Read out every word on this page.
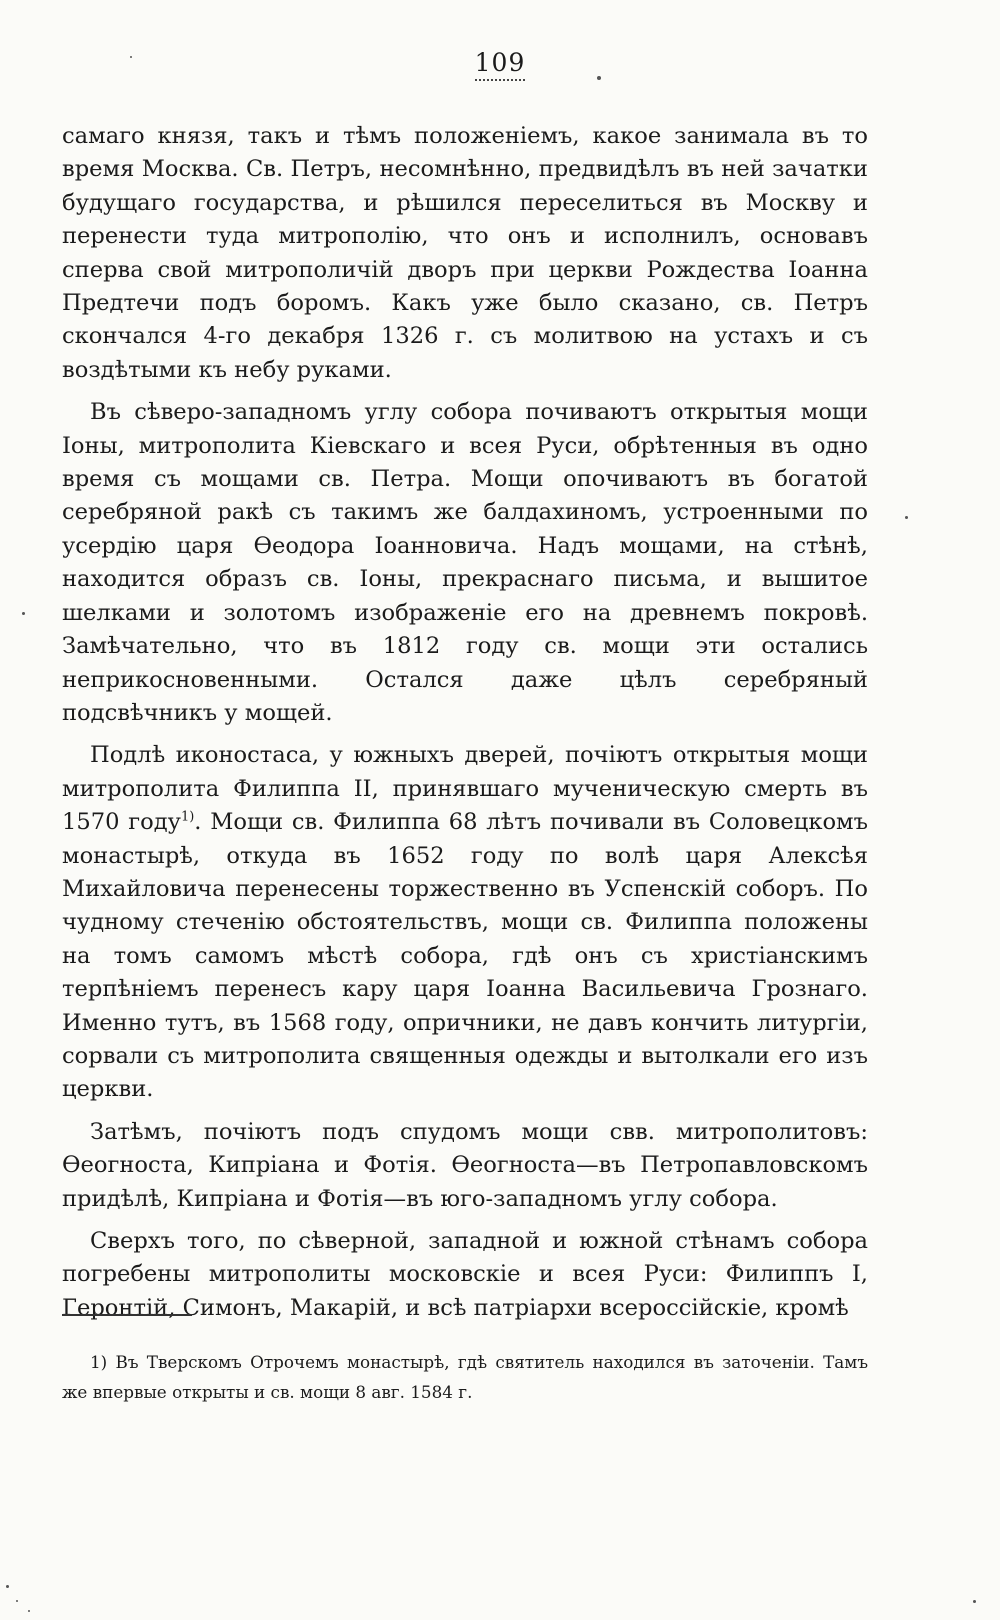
109

самаго князя, такъ и тѣмъ положеніемъ, какое занимала въ то время Москва. Св. Петръ, несомнѣнно, предвидѣлъ въ ней зачатки будущаго государства, и рѣшился переселиться въ Москву и перенести туда митрополію, что онъ и исполнилъ, основавъ сперва свой митрополичій дворъ при церкви Рождества Іоанна Предтечи подъ боромъ. Какъ уже было сказано, св. Петръ скончался 4-го декабря 1326 г. съ молитвою на устахъ и съ воздѣтыми къ небу руками.

Въ сѣверо-западномъ углу собора почиваютъ открытыя мощи Іоны, митрополита Кіевскаго и всея Руси, обрѣтенныя въ одно время съ мощами св. Петра. Мощи опочиваютъ въ богатой серебряной ракѣ съ такимъ же балдахиномъ, устроенными по усердію царя Ѳеодора Іоанновича. Надъ мощами, на стѣнѣ, находится образъ св. Іоны, прекраснаго письма, и вышитое шелками и золотомъ изображеніе его на древнемъ покровѣ. Замѣчательно, что въ 1812 году св. мощи эти остались неприкосновенными. Остался даже цѣлъ серебряный подсвѣчникъ у мощей.

Подлѣ иконостаса, у южныхъ дверей, почіютъ открытыя мощи митрополита Филиппа II, принявшаго мученическую смерть въ 1570 году$^{1)}$. Мощи св. Филиппа 68 лѣтъ почивали въ Соловецкомъ монастырѣ, откуда въ 1652 году по волѣ царя Алексѣя Михайловича перенесены торжественно въ Успенскій соборъ. По чудному стеченію обстоятельствъ, мощи св. Филиппа положены на томъ самомъ мѣстѣ собора, гдѣ онъ съ христіанскимъ терпѣніемъ перенесъ кару царя Іоанна Васильевича Грознаго. Именно тутъ, въ 1568 году, опричники, не давъ кончить литургіи, сорвали съ митрополита священныя одежды и вытолкали его изъ церкви.

Затѣмъ, почіютъ подъ спудомъ мощи свв. митрополитовъ: Ѳеогноста, Кипріана и Фотія. Ѳеогноста—въ Петропавловскомъ придѣлѣ, Кипріана и Фотія—въ юго-западномъ углу собора.

Сверхъ того, по сѣверной, западной и южной стѣнамъ собора погребены митрополиты московскіе и всея Руси: Филиппъ I, Геронтій, Симонъ, Макарій, и всѣ патріархи всероссійскіе, кромѣ

1) Въ Тверскомъ Отрочемъ монастырѣ, гдѣ святитель находился въ заточеніи. Тамъ же впервые открыты и св. мощи 8 авг. 1584 г.
